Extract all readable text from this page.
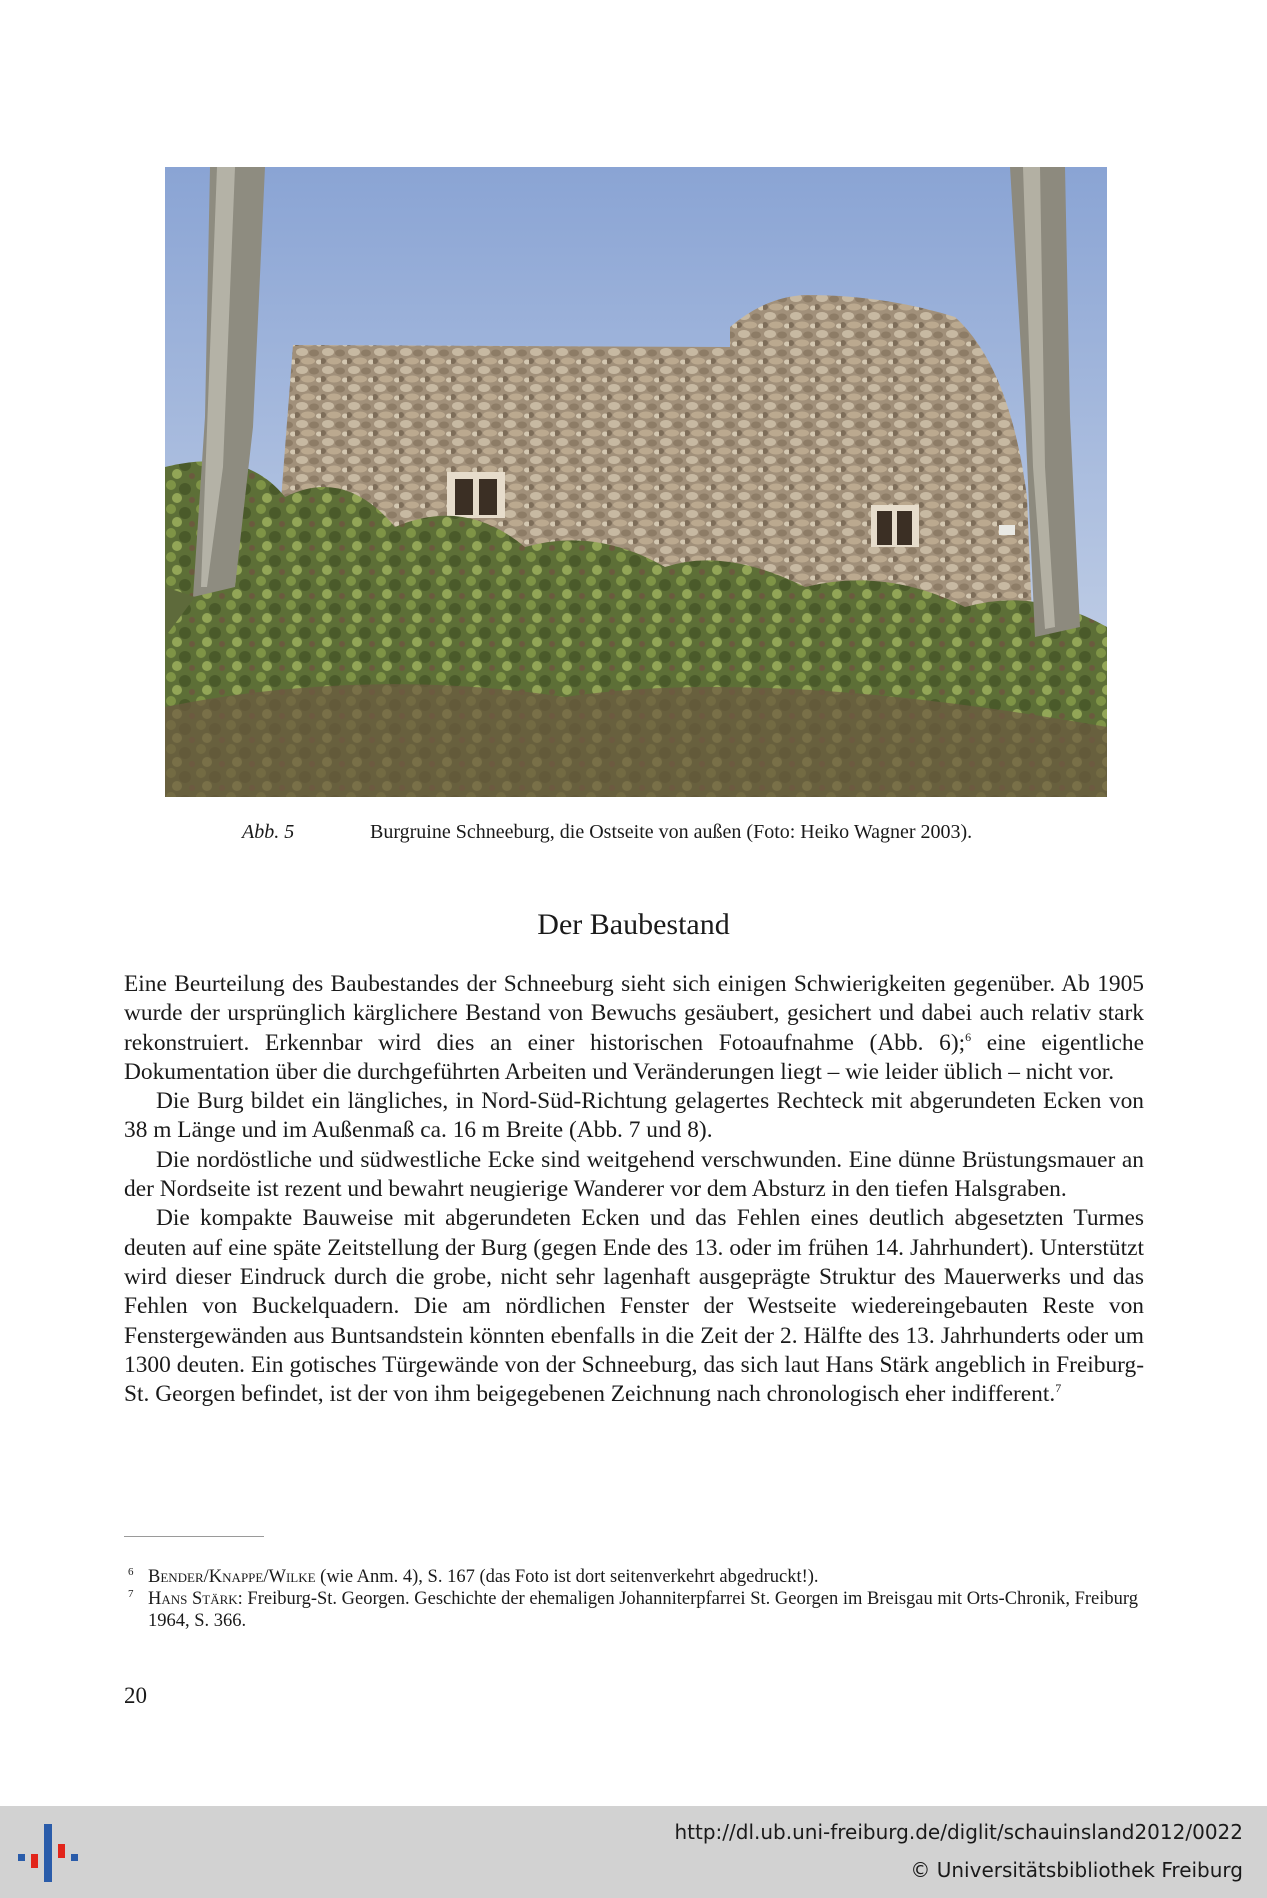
Abb. 5	Burgruine Schneeburg, die Ostseite von außen (Foto: Heiko Wagner 2003).
Der Baubestand

Eine Beurteilung des Baubestandes der Schneeburg sieht sich einigen Schwierigkeiten gegenüber. Ab 1905 wurde der ursprünglich kärglichere Bestand von Bewuchs gesäubert, gesichert und dabei auch relativ stark rekonstruiert. Erkennbar wird dies an einer historischen Fotoaufnahme (Abb. 6);$^6$ eine eigentliche Dokumentation über die durchgeführten Arbeiten und Veränderungen liegt – wie leider üblich – nicht vor.

Die Burg bildet ein längliches, in Nord-Süd-Richtung gelagertes Rechteck mit abgerundeten Ecken von 38 m Länge und im Außenmaß ca. 16 m Breite (Abb. 7 und 8).

Die nordöstliche und südwestliche Ecke sind weitgehend verschwunden. Eine dünne Brüstungsmauer an der Nordseite ist rezent und bewahrt neugierige Wanderer vor dem Absturz in den tiefen Halsgraben.

Die kompakte Bauweise mit abgerundeten Ecken und das Fehlen eines deutlich abgesetzten Turmes deuten auf eine späte Zeitstellung der Burg (gegen Ende des 13. oder im frühen 14. Jahrhundert). Unterstützt wird dieser Eindruck durch die grobe, nicht sehr lagenhaft ausgeprägte Struktur des Mauerwerks und das Fehlen von Buckelquadern. Die am nördlichen Fenster der Westseite wiedereingebauten Reste von Fenstergewänden aus Buntsandstein könnten ebenfalls in die Zeit der 2. Hälfte des 13. Jahrhunderts oder um 1300 deuten. Ein gotisches Türgewände von der Schneeburg, das sich laut Hans Stärk angeblich in Freiburg-St. Georgen befindet, ist der von ihm beigegebenen Zeichnung nach chronologisch eher indifferent.$^7$

6 Bender/Knappe/Wilke (wie Anm. 4), S. 167 (das Foto ist dort seitenverkehrt abgedruckt!).
7 Hans Stärk: Freiburg-St. Georgen. Geschichte der ehemaligen Johanniterpfarrei St. Georgen im Breisgau mit Orts-Chronik, Freiburg 1964, S. 366.
20
http://dl.ub.uni-freiburg.de/diglit/schauinsland2012/0022
© Universitätsbibliothek Freiburg
